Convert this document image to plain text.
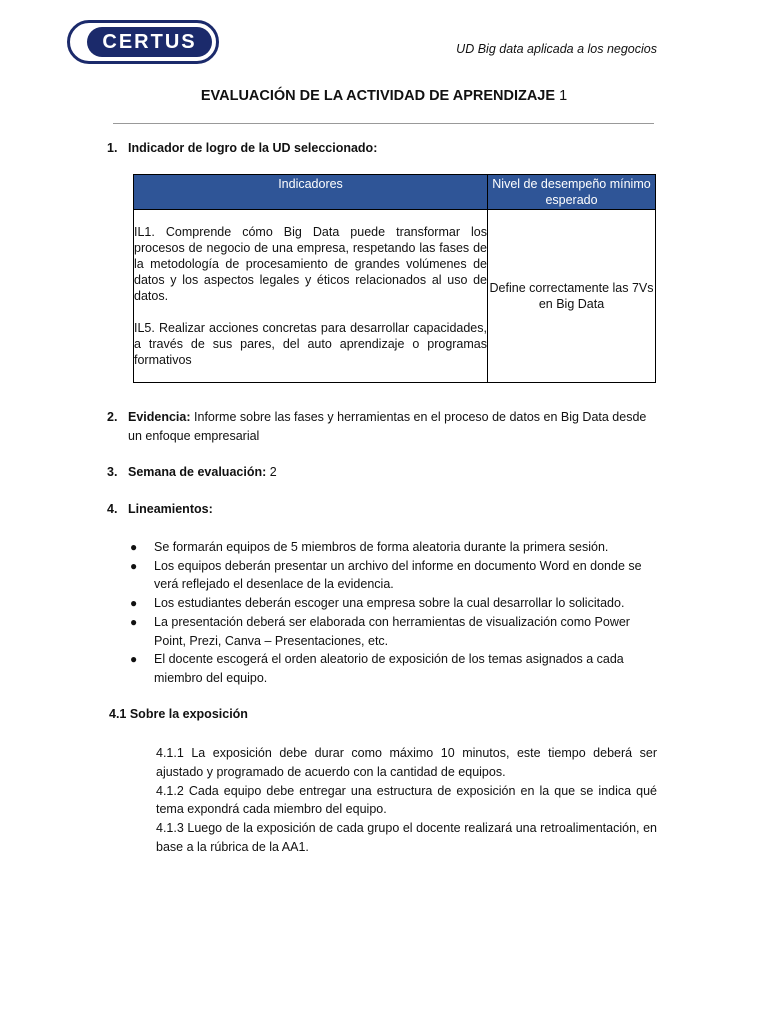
CERTUS	UD Big data aplicada a los negocios
EVALUACIÓN DE LA ACTIVIDAD DE APRENDIZAJE 1
1. Indicador de logro de la UD seleccionado:
Indicadores	Nivel de desempeño mínimo esperado

IL1. Comprende cómo Big Data puede transformar los procesos de negocio de una empresa, respetando las fases de la metodología de procesamiento de grandes volúmenes de datos y los aspectos legales y éticos relacionados al uso de datos.

IL5. Realizar acciones concretas para desarrollar capacidades, a través de sus pares, del auto aprendizaje o programas formativos	Define correctamente las 7Vs en Big Data
2. Evidencia: Informe sobre las fases y herramientas en el proceso de datos en Big Data desde un enfoque empresarial
3. Semana de evaluación: 2
4. Lineamientos:
● Se formarán equipos de 5 miembros de forma aleatoria durante la primera sesión.
● Los equipos deberán presentar un archivo del informe en documento Word en donde se verá reflejado el desenlace de la evidencia.
● Los estudiantes deberán escoger una empresa sobre la cual desarrollar lo solicitado.
● La presentación deberá ser elaborada con herramientas de visualización como Power Point, Prezi, Canva – Presentaciones, etc.
● El docente escogerá el orden aleatorio de exposición de los temas asignados a cada miembro del equipo.
4.1 Sobre la exposición

4.1.1 La exposición debe durar como máximo 10 minutos, este tiempo deberá ser ajustado y programado de acuerdo con la cantidad de equipos.

4.1.2 Cada equipo debe entregar una estructura de exposición en la que se indica qué tema expondrá cada miembro del equipo.

4.1.3 Luego de la exposición de cada grupo el docente realizará una retroalimentación, en base a la rúbrica de la AA1.
